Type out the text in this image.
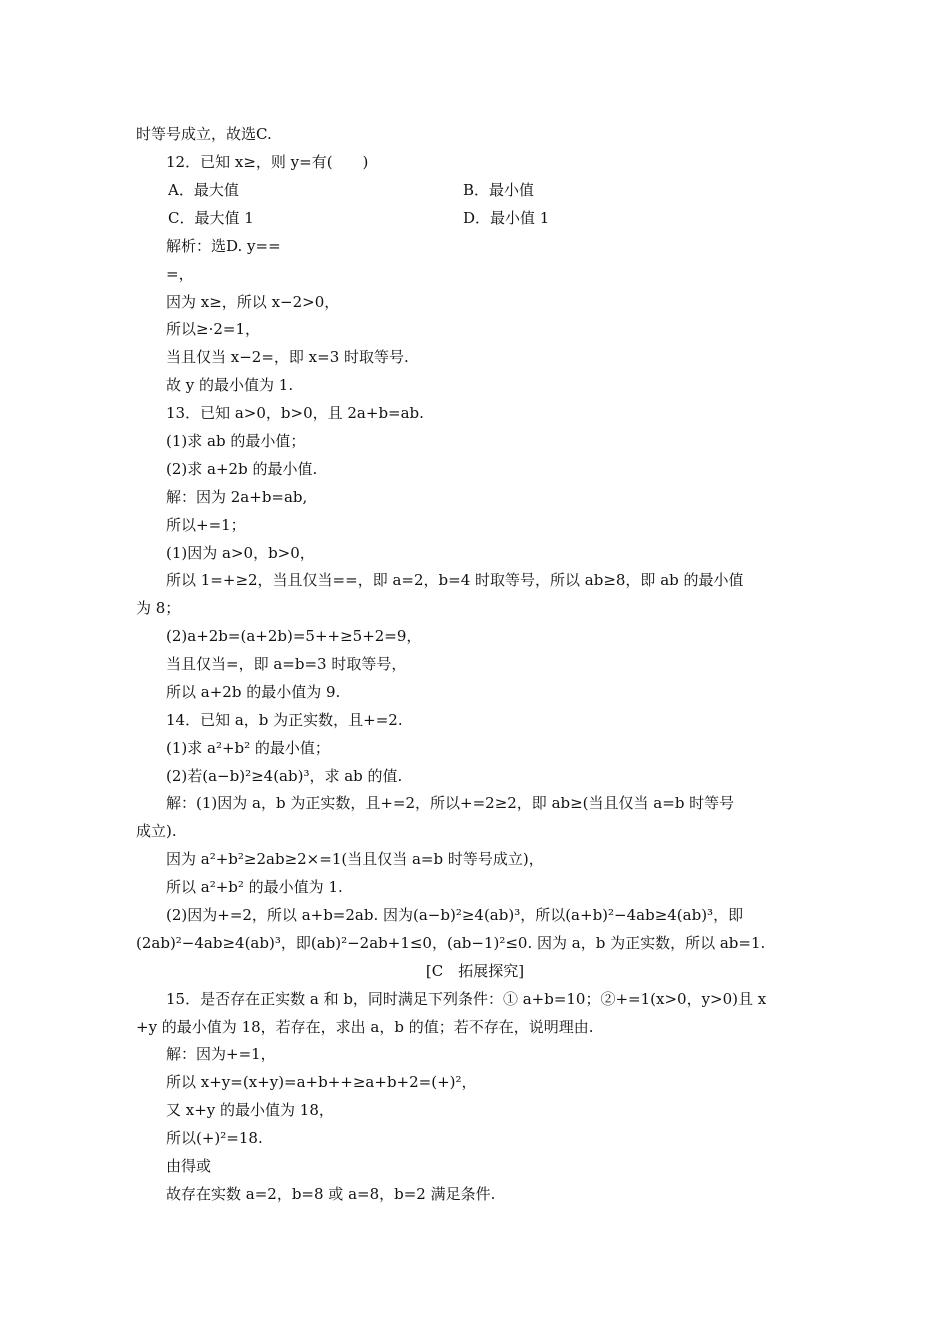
时等号成立，故选C.
12．已知 x≥，则 y=有(　　)
A．最大值	B．最小值
C．最大值 1	D．最小值 1
解析：选D. y==
=，
因为 x≥，所以 x−2>0，
所以≥·2=1，
当且仅当 x−2=，即 x=3 时取等号.
故 y 的最小值为 1.
13．已知 a>0，b>0，且 2a+b=ab.
(1)求 ab 的最小值；
(2)求 a+2b 的最小值.
解：因为 2a+b=ab,
所以+=1；
(1)因为 a>0，b>0，
所以 1=+≥2，当且仅当==，即 a=2，b=4 时取等号，所以 ab≥8，即 ab 的最小值
为 8；
(2)a+2b=(a+2b)=5++≥5+2=9，
当且仅当=，即 a=b=3 时取等号，
所以 a+2b 的最小值为 9.
14．已知 a，b 为正实数，且+=2.
(1)求 a²+b² 的最小值；
(2)若(a−b)²≥4(ab)³，求 ab 的值.
解：(1)因为 a，b 为正实数，且+=2，所以+=2≥2，即 ab≥(当且仅当 a=b 时等号
成立).
因为 a²+b²≥2ab≥2×=1(当且仅当 a=b 时等号成立)，
所以 a²+b² 的最小值为 1.
(2)因为+=2，所以 a+b=2ab. 因为(a−b)²≥4(ab)³，所以(a+b)²−4ab≥4(ab)³，即
(2ab)²−4ab≥4(ab)³，即(ab)²−2ab+1≤0，(ab−1)²≤0. 因为 a，b 为正实数，所以 ab=1.
[C　拓展探究]
15．是否存在正实数 a 和 b，同时满足下列条件：① a+b=10；②+=1(x>0，y>0)且 x
+y 的最小值为 18，若存在，求出 a，b 的值；若不存在，说明理由.
解：因为+=1，
所以 x+y=(x+y)=a+b++≥a+b+2=(+)²，
又 x+y 的最小值为 18，
所以(+)²=18.
由得或
故存在实数 a=2，b=8 或 a=8，b=2 满足条件.
